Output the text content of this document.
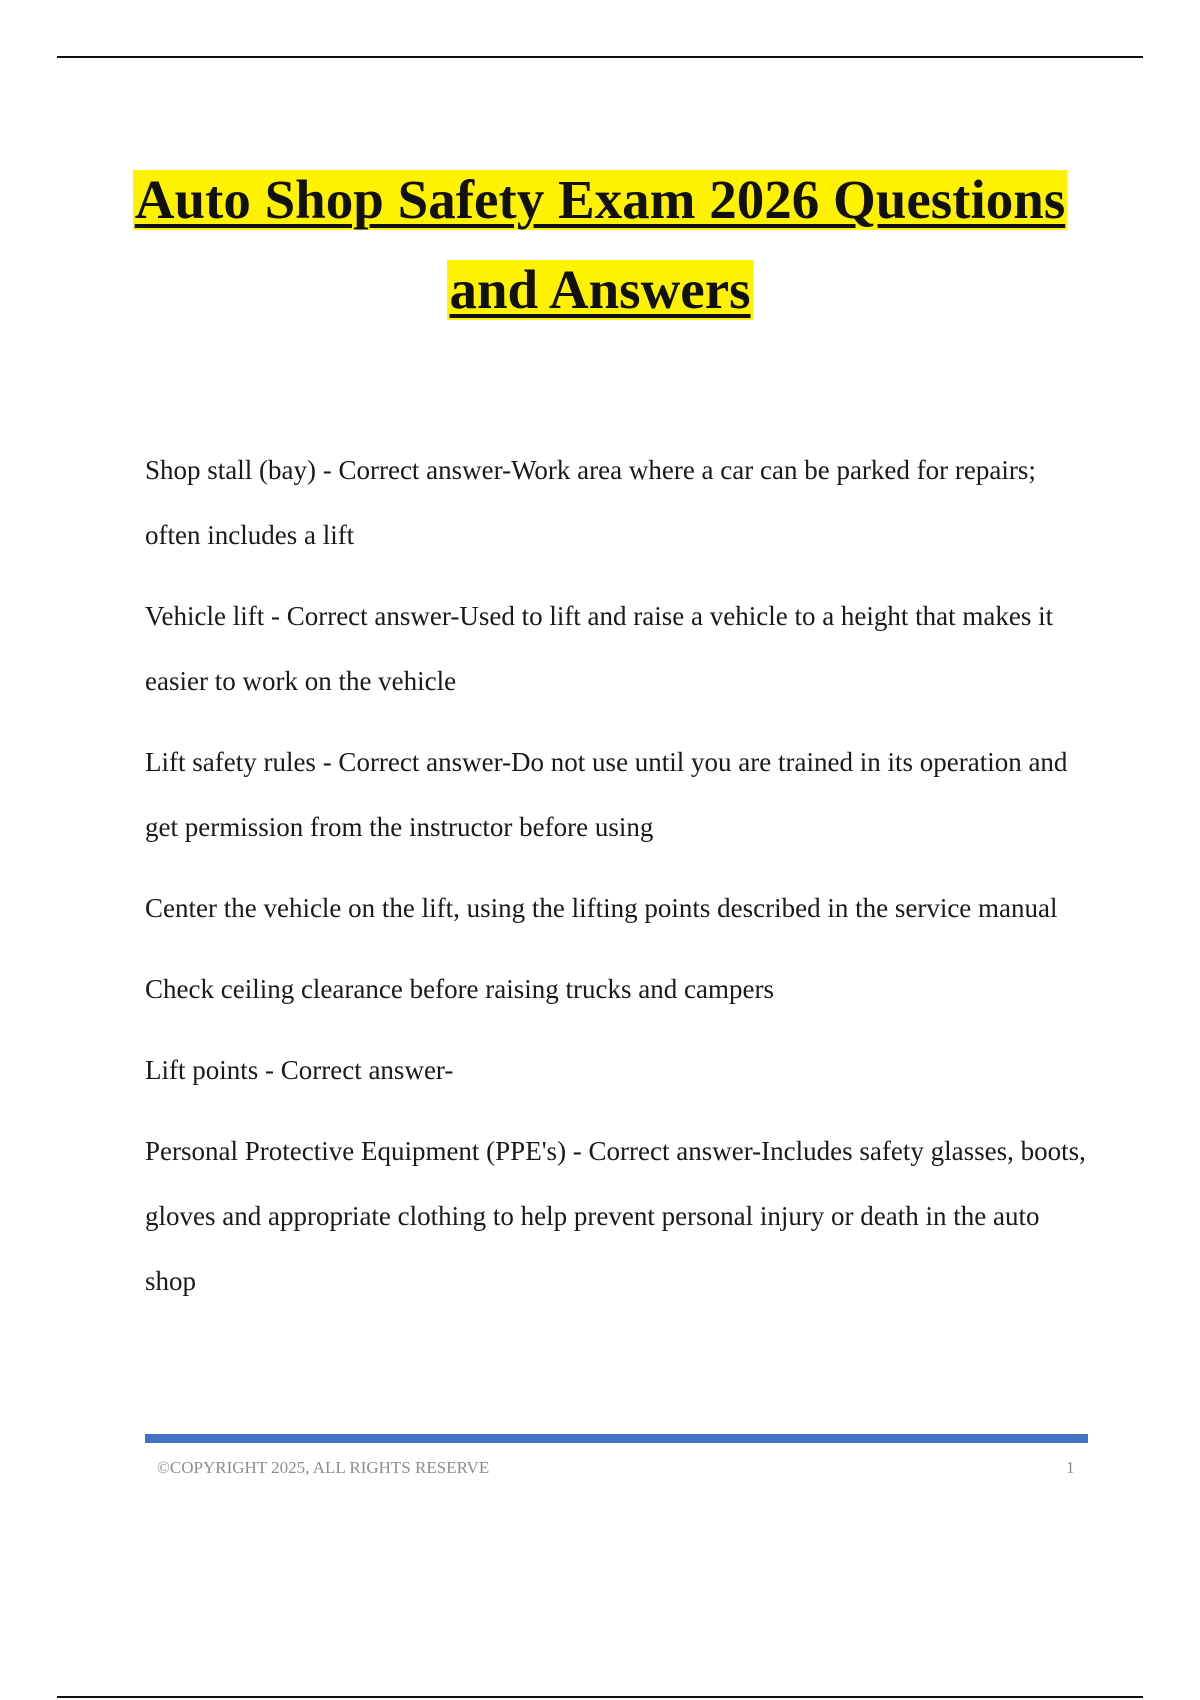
Auto Shop Safety Exam 2026 Questions
and Answers

Shop stall (bay) - Correct answer-Work area where a car can be parked for repairs; often includes a lift

Vehicle lift - Correct answer-Used to lift and raise a vehicle to a height that makes it easier to work on the vehicle

Lift safety rules - Correct answer-Do not use until you are trained in its operation and get permission from the instructor before using

Center the vehicle on the lift, using the lifting points described in the service manual

Check ceiling clearance before raising trucks and campers

Lift points - Correct answer-

Personal Protective Equipment (PPE's) - Correct answer-Includes safety glasses, boots, gloves and appropriate clothing to help prevent personal injury or death in the auto shop

©COPYRIGHT 2025, ALL RIGHTS RESERVE	1
